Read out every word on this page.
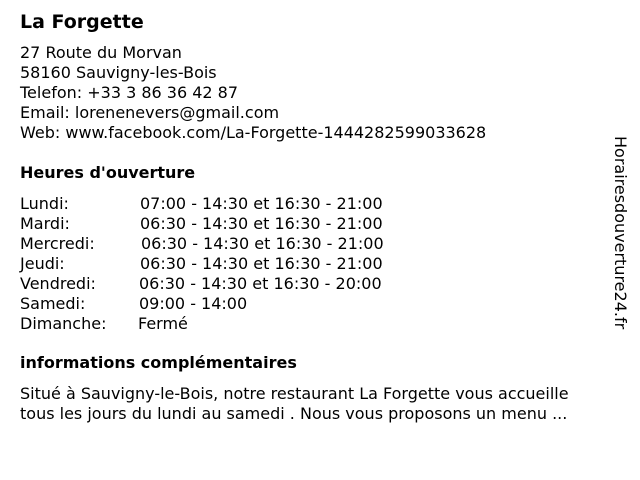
La Forgette
27 Route du Morvan
58160 Sauvigny-les-Bois
Telefon: +33 3 86 36 42 87
Email: lorenenevers@gmail.com
Web: www.facebook.com/La-Forgette-1444282599033628
Heures d'ouverture
Lundi:	07:00 - 14:30 et 16:30 - 21:00
Mardi:	06:30 - 14:30 et 16:30 - 21:00
Mercredi:	06:30 - 14:30 et 16:30 - 21:00
Jeudi:	06:30 - 14:30 et 16:30 - 21:00
Vendredi:	06:30 - 14:30 et 16:30 - 20:00
Samedi:	09:00 - 14:00
Dimanche: Fermé
informations complémentaires
Situé à Sauvigny-le-Bois, notre restaurant La Forgette vous accueille
tous les jours du lundi au samedi . Nous vous proposons un menu ...
Horairesdouverture24.fr
